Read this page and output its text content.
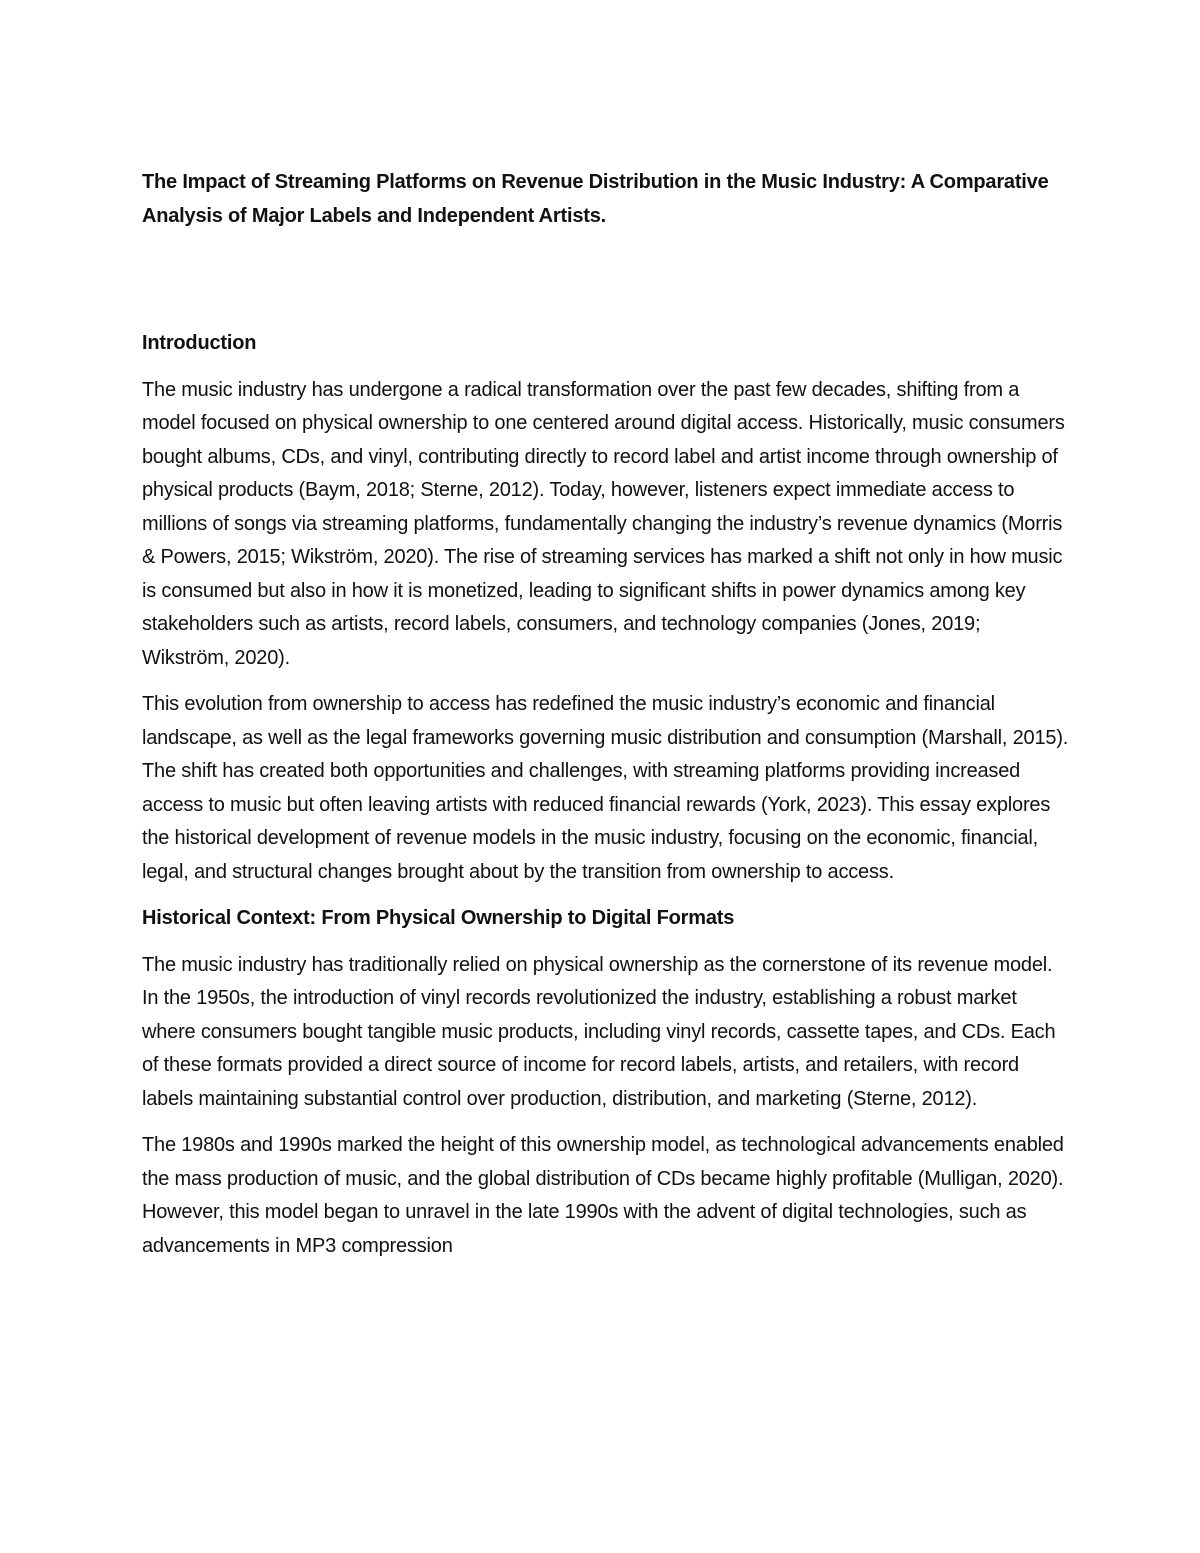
The Impact of Streaming Platforms on Revenue Distribution in the Music Industry: A Comparative Analysis of Major Labels and Independent Artists.

Introduction

The music industry has undergone a radical transformation over the past few decades, shifting from a model focused on physical ownership to one centered around digital access. Historically, music consumers bought albums, CDs, and vinyl, contributing directly to record label and artist income through ownership of physical products (Baym, 2018; Sterne, 2012). Today, however, listeners expect immediate access to millions of songs via streaming platforms, fundamentally changing the industry’s revenue dynamics (Morris & Powers, 2015; Wikström, 2020). The rise of streaming services has marked a shift not only in how music is consumed but also in how it is monetized, leading to significant shifts in power dynamics among key stakeholders such as artists, record labels, consumers, and technology companies (Jones, 2019; Wikström, 2020).

This evolution from ownership to access has redefined the music industry’s economic and financial landscape, as well as the legal frameworks governing music distribution and consumption (Marshall, 2015). The shift has created both opportunities and challenges, with streaming platforms providing increased access to music but often leaving artists with reduced financial rewards (York, 2023). This essay explores the historical development of revenue models in the music industry, focusing on the economic, financial, legal, and structural changes brought about by the transition from ownership to access.

Historical Context: From Physical Ownership to Digital Formats

The music industry has traditionally relied on physical ownership as the cornerstone of its revenue model. In the 1950s, the introduction of vinyl records revolutionized the industry, establishing a robust market where consumers bought tangible music products, including vinyl records, cassette tapes, and CDs. Each of these formats provided a direct source of income for record labels, artists, and retailers, with record labels maintaining substantial control over production, distribution, and marketing (Sterne, 2012).

The 1980s and 1990s marked the height of this ownership model, as technological advancements enabled the mass production of music, and the global distribution of CDs became highly profitable (Mulligan, 2020). However, this model began to unravel in the late 1990s with the advent of digital technologies, such as advancements in MP3 compression
